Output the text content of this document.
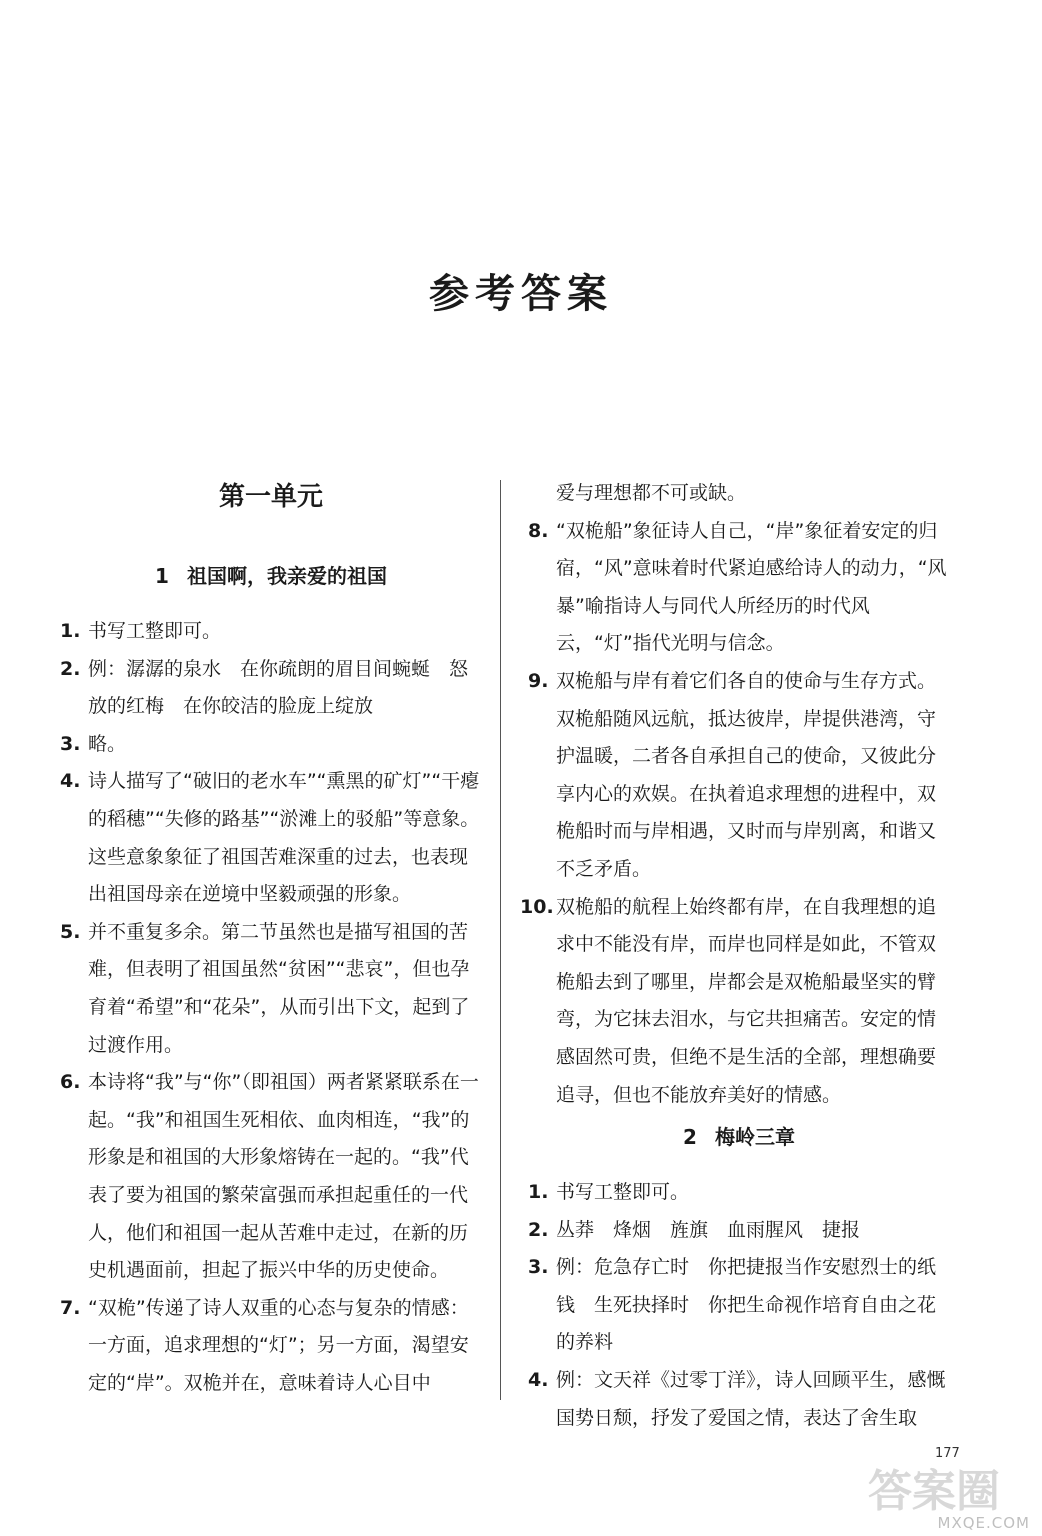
参考答案
第一单元
1 祖国啊，我亲爱的祖国

1. 书写工整即可。

2. 例：潺潺的泉水　在你疏朗的眉目间蜿蜒　怒放的红梅　在你皎洁的脸庞上绽放

3. 略。

4. 诗人描写了“破旧的老水车”“熏黑的矿灯”“干瘪的稻穗”“失修的路基”“淤滩上的驳船”等意象。这些意象象征了祖国苦难深重的过去，也表现出祖国母亲在逆境中坚毅顽强的形象。

5. 并不重复多余。第二节虽然也是描写祖国的苦难，但表明了祖国虽然“贫困”“悲哀”，但也孕育着“希望”和“花朵”，从而引出下文，起到了过渡作用。

6. 本诗将“我”与“你”（即祖国）两者紧紧联系在一起。“我”和祖国生死相依、血肉相连，“我”的形象是和祖国的大形象熔铸在一起的。“我”代表了要为祖国的繁荣富强而承担起重任的一代人，他们和祖国一起从苦难中走过，在新的历史机遇面前，担起了振兴中华的历史使命。

7. “双桅”传递了诗人双重的心态与复杂的情感：一方面，追求理想的“灯”；另一方面，渴望安定的“岸”。双桅并在，意味着诗人心目中

爱与理想都不可或缺。

8. “双桅船”象征诗人自己，“岸”象征着安定的归宿，“风”意味着时代紧迫感给诗人的动力，“风暴”喻指诗人与同代人所经历的时代风云，“灯”指代光明与信念。

9. 双桅船与岸有着它们各自的使命与生存方式。双桅船随风远航，抵达彼岸，岸提供港湾，守护温暖，二者各自承担自己的使命，又彼此分享内心的欢娱。在执着追求理想的进程中，双桅船时而与岸相遇，又时而与岸别离，和谐又不乏矛盾。

10. 双桅船的航程上始终都有岸，在自我理想的追求中不能没有岸，而岸也同样是如此，不管双桅船去到了哪里，岸都会是双桅船最坚实的臂弯，为它抹去泪水，与它共担痛苦。安定的情感固然可贵，但绝不是生活的全部，理想确要追寻，但也不能放弃美好的情感。

2 梅岭三章

1. 书写工整即可。

2. 丛莽　烽烟　旌旗　血雨腥风　捷报

3. 例：危急存亡时　你把捷报当作安慰烈士的纸钱　生死抉择时　你把生命视作培育自由之花的养料

4. 例：文天祥《过零丁洋》，诗人回顾平生，感慨国势日颓，抒发了爱国之情，表达了舍生取

177
答案圈
MXQE.COM
